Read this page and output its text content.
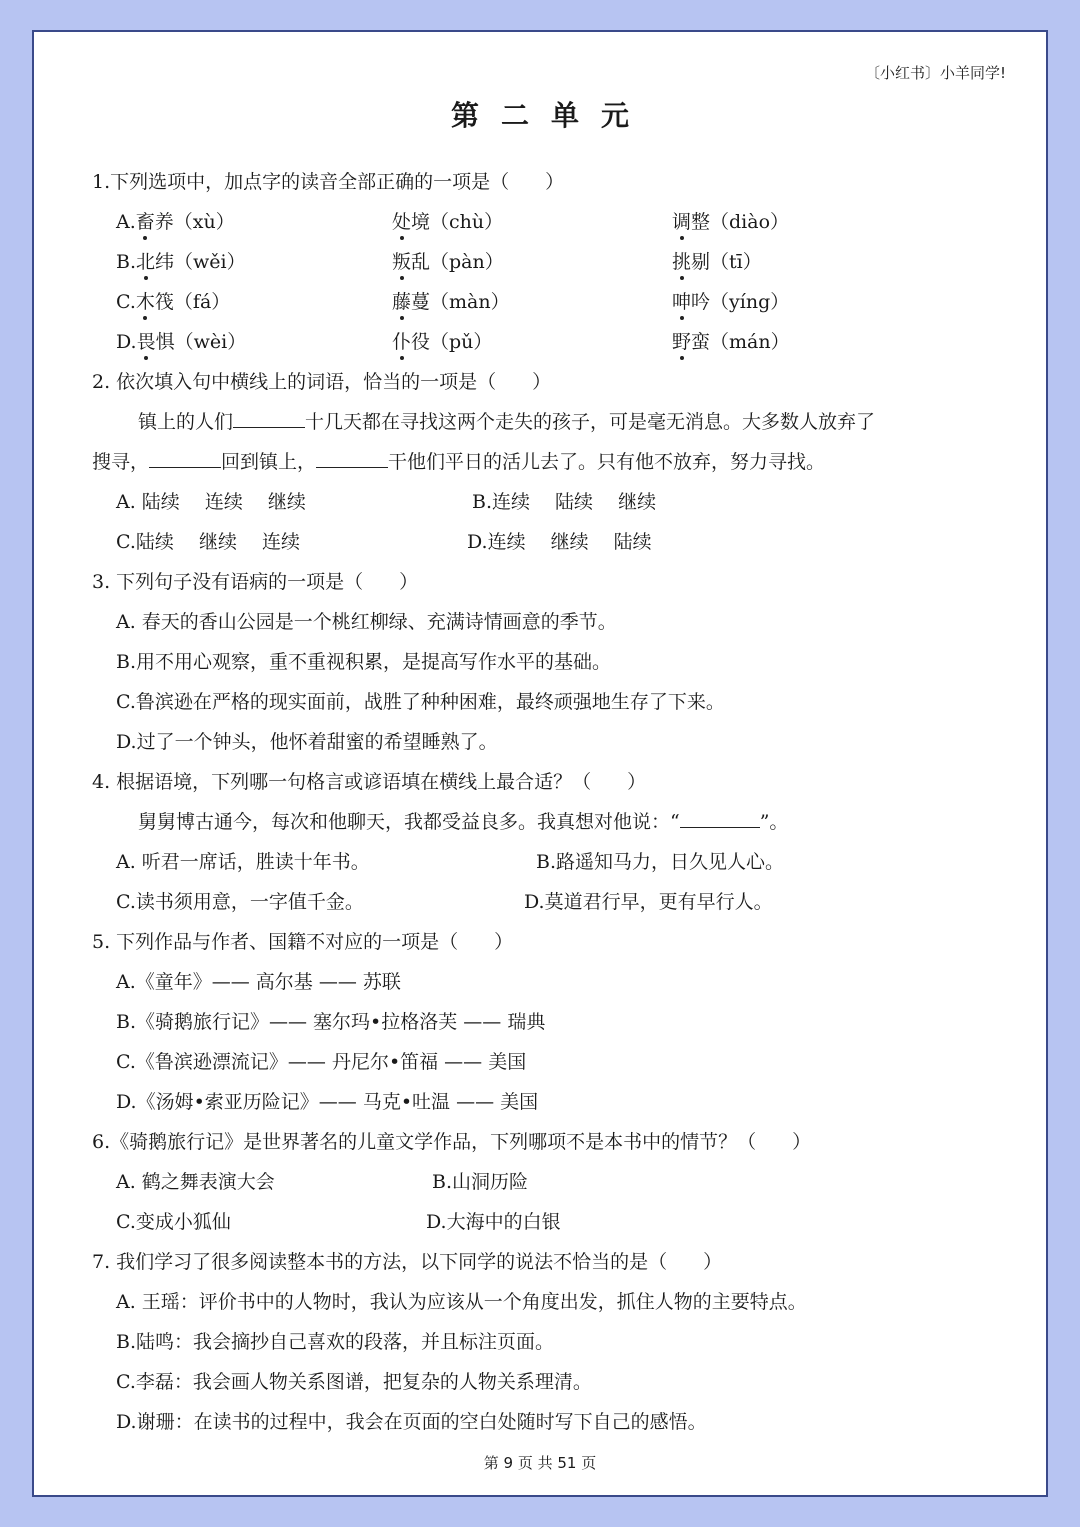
〔小红书〕小羊同学!
第二单元
1.下列选项中，加点字的读音全部正确的一项是（ ）
A.畜养（xù）	处境（chù）	调整（diào）
B.北纬（wěi）	叛乱（pàn）	挑剔（tī）
C.木筏（fá）	藤蔓（màn）	呻吟（yíng）
D.畏惧（wèi）	仆役（pǔ）	野蛮（mán）
2. 依次填入句中横线上的词语，恰当的一项是（ ）
镇上的人们	十几天都在寻找这两个走失的孩子，可是毫无消息。大多数人放弃了
搜寻，	回到镇上，	干他们平日的活儿去了。只有他不放弃，努力寻找。
A. 陆续　 连续　 继续	B.连续　 陆续　 继续
C.陆续　 继续　 连续	D.连续　 继续　 陆续
3. 下列句子没有语病的一项是（ ）
A. 春天的香山公园是一个桃红柳绿、充满诗情画意的季节。
B.用不用心观察，重不重视积累，是提高写作水平的基础。
C.鲁滨逊在严格的现实面前，战胜了种种困难，最终顽强地生存了下来。
D.过了一个钟头，他怀着甜蜜的希望睡熟了。
4. 根据语境，下列哪一句格言或谚语填在横线上最合适？（ ）
舅舅博古通今，每次和他聊天，我都受益良多。我真想对他说：“	”。
A. 听君一席话，胜读十年书。	B.路遥知马力，日久见人心。
C.读书须用意，一字值千金。	D.莫道君行早，更有早行人。
5. 下列作品与作者、国籍不对应的一项是（ ）
A.《童年》—— 高尔基 —— 苏联
B.《骑鹅旅行记》—— 塞尔玛•拉格洛芙 —— 瑞典
C.《鲁滨逊漂流记》—— 丹尼尔•笛福 —— 美国
D.《汤姆•索亚历险记》—— 马克•吐温 —— 美国
6.《骑鹅旅行记》是世界著名的儿童文学作品，下列哪项不是本书中的情节？（ ）
A. 鹤之舞表演大会	B.山洞历险
C.变成小狐仙	D.大海中的白银
7. 我们学习了很多阅读整本书的方法，以下同学的说法不恰当的是（ ）
A. 王瑶：评价书中的人物时，我认为应该从一个角度出发，抓住人物的主要特点。
B.陆鸣：我会摘抄自己喜欢的段落，并且标注页面。
C.李磊：我会画人物关系图谱，把复杂的人物关系理清。
D.谢珊：在读书的过程中，我会在页面的空白处随时写下自己的感悟。
第 9 页 共 51 页
